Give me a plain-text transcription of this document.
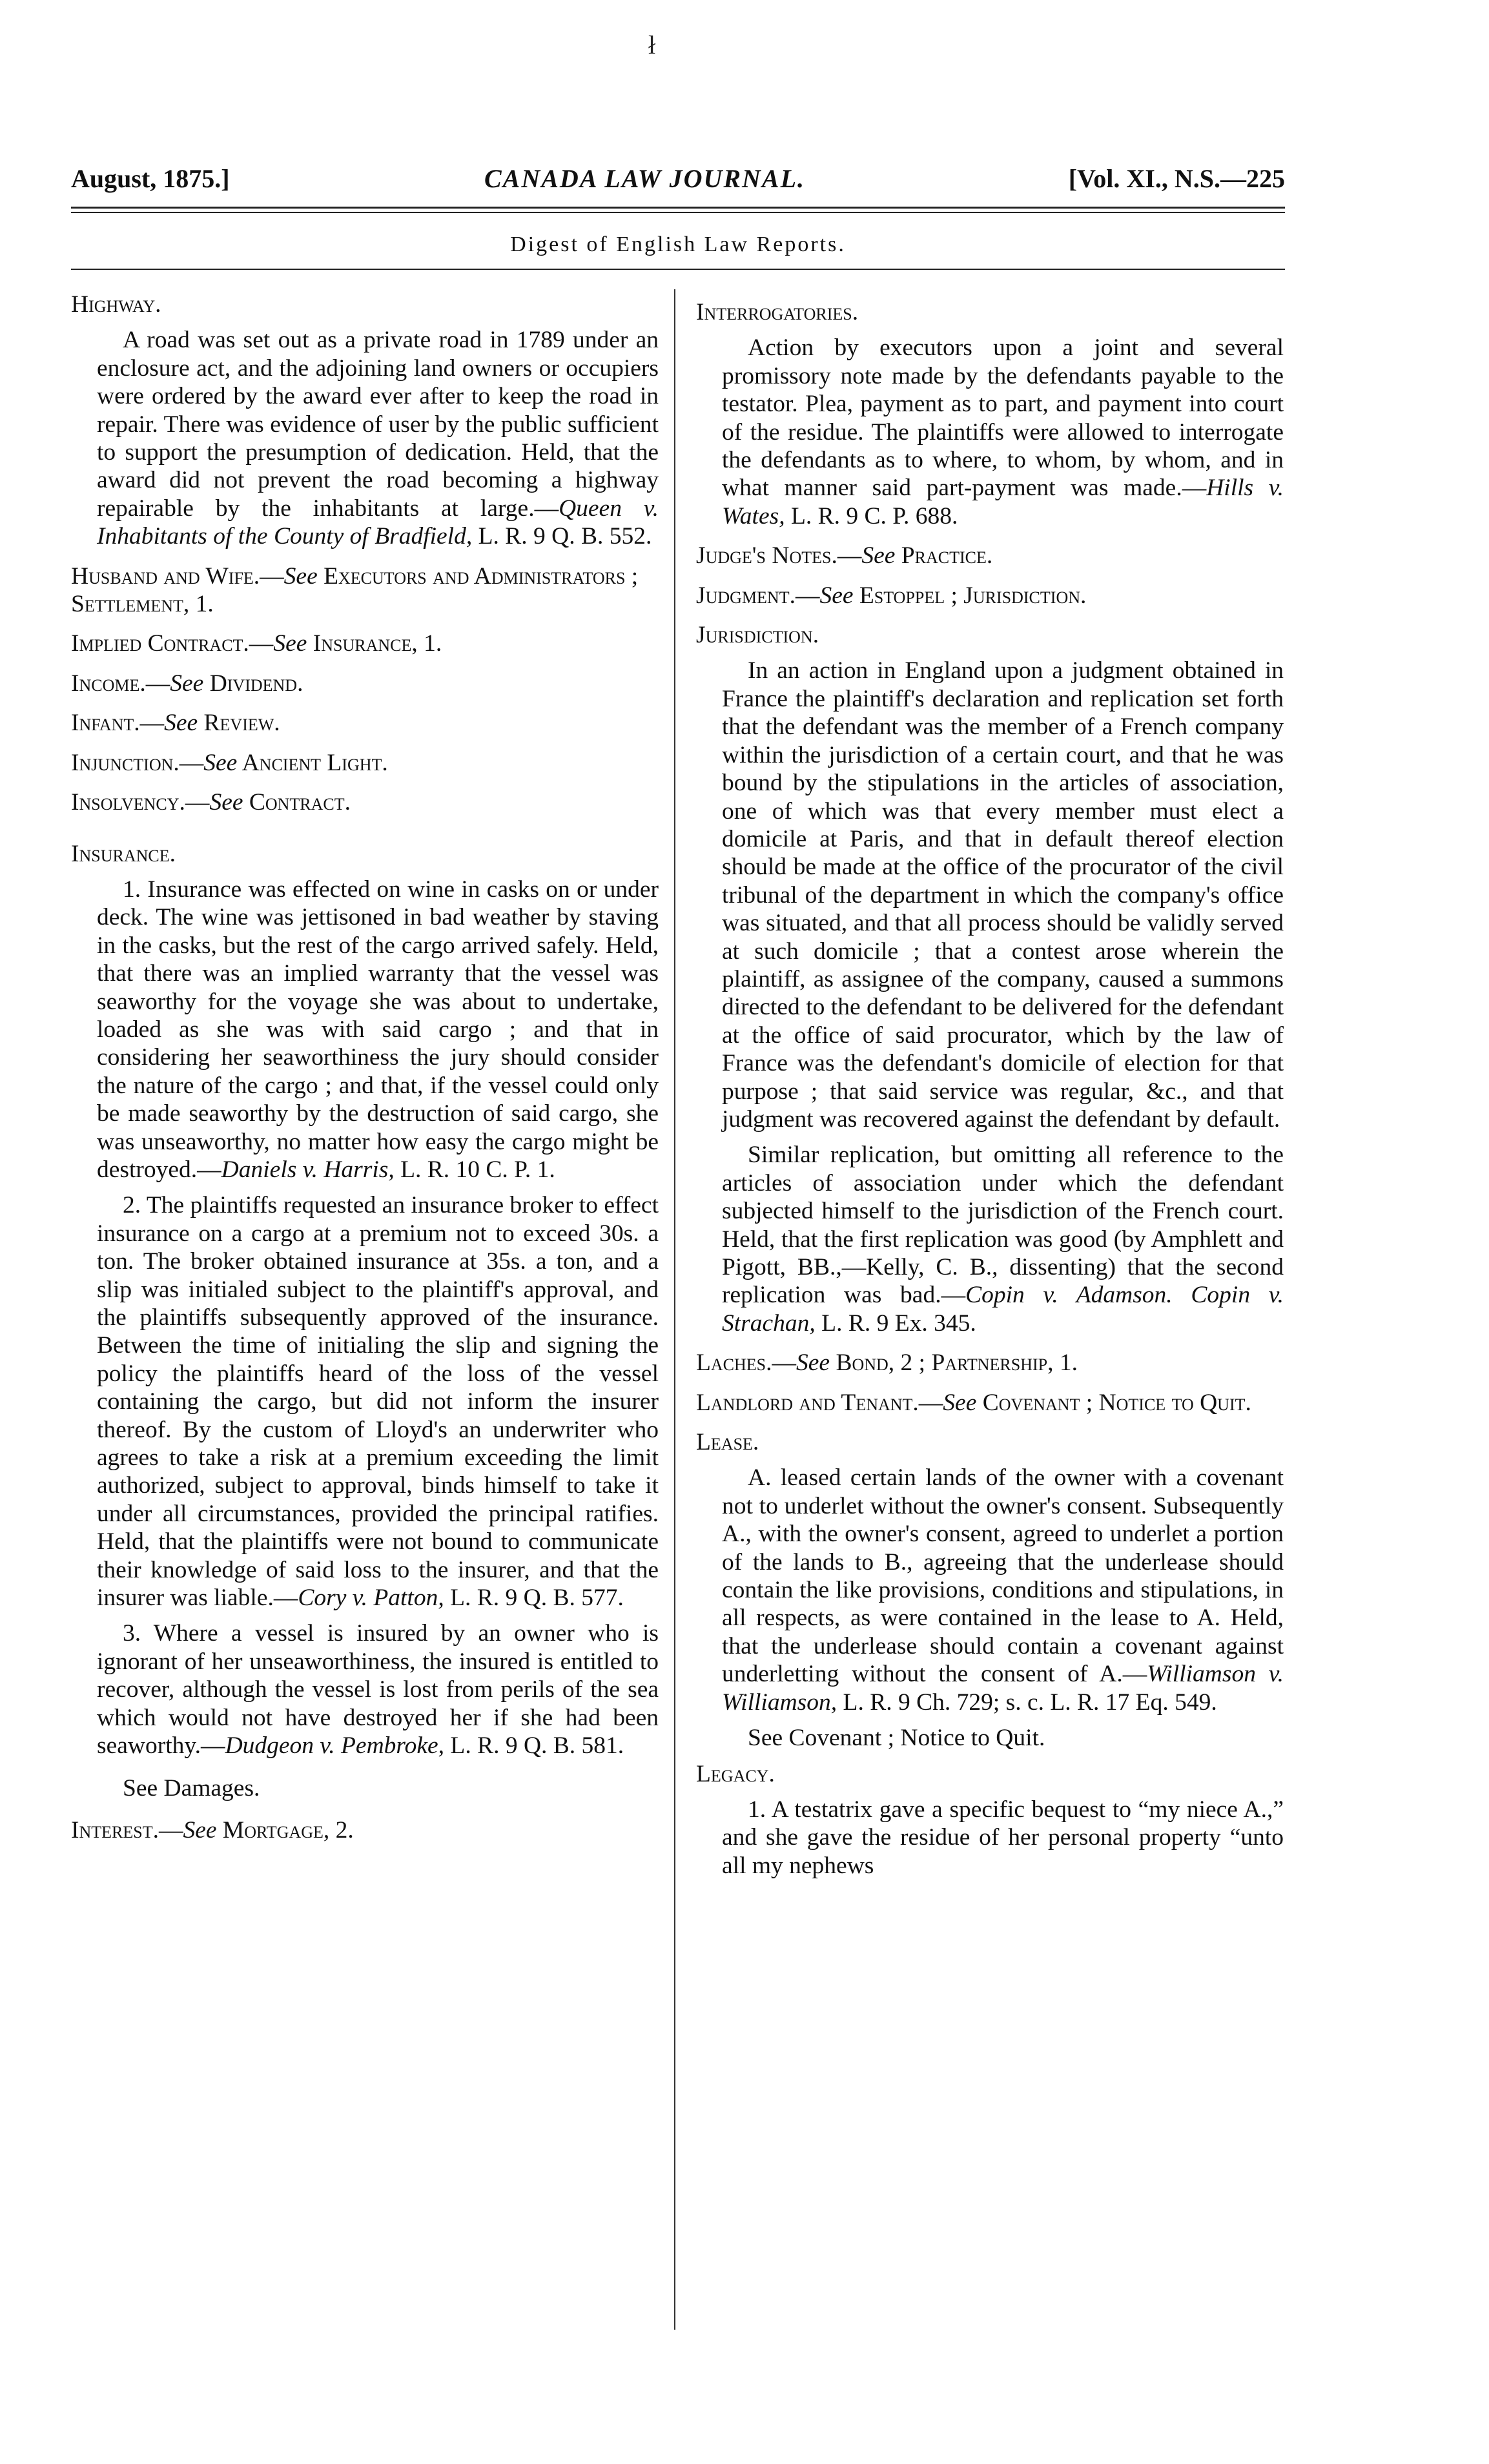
ł
August, 1875.]	CANADA LAW JOURNAL.	[Vol. XI., N.S.—225
Digest of English Law Reports.
Highway.
A road was set out as a private road in 1789 under an enclosure act, and the adjoining land owners or occupiers were ordered by the award ever after to keep the road in repair. There was evidence of user by the public sufficient to support the presumption of dedication. Held, that the award did not prevent the road becoming a highway repairable by the inhabitants at large.—Queen v. Inhabitants of the County of Bradfield, L. R. 9 Q. B. 552.
Husband and Wife.—See Executors and Administrators ; Settlement, 1.
Implied Contract.—See Insurance, 1.
Income.—See Dividend.
Infant.—See Review.
Injunction.—See Ancient Light.
Insolvency.—See Contract.
Insurance.
1. Insurance was effected on wine in casks on or under deck. The wine was jettisoned in bad weather by staving in the casks, but the rest of the cargo arrived safely. Held, that there was an implied warranty that the vessel was seaworthy for the voyage she was about to undertake, loaded as she was with said cargo ; and that in considering her seaworthiness the jury should consider the nature of the cargo ; and that, if the vessel could only be made seaworthy by the destruction of said cargo, she was unseaworthy, no matter how easy the cargo might be destroyed.—Daniels v. Harris, L. R. 10 C. P. 1.
2. The plaintiffs requested an insurance broker to effect insurance on a cargo at a premium not to exceed 30s. a ton. The broker obtained insurance at 35s. a ton, and a slip was initialed subject to the plaintiff's approval, and the plaintiffs subsequently approved of the insurance. Between the time of initialing the slip and signing the policy the plaintiffs heard of the loss of the vessel containing the cargo, but did not inform the insurer thereof. By the custom of Lloyd's an underwriter who agrees to take a risk at a premium exceeding the limit authorized, subject to approval, binds himself to take it under all circumstances, provided the principal ratifies. Held, that the plaintiffs were not bound to communicate their knowledge of said loss to the insurer, and that the insurer was liable.—Cory v. Patton, L. R. 9 Q. B. 577.
3. Where a vessel is insured by an owner who is ignorant of her unseaworthiness, the insured is entitled to recover, although the vessel is lost from perils of the sea which would not have destroyed her if she had been seaworthy.—Dudgeon v. Pembroke, L. R. 9 Q. B. 581.
See Damages.
Interest.—See Mortgage, 2.
Interrogatories.
Action by executors upon a joint and several promissory note made by the defendants payable to the testator. Plea, payment as to part, and payment into court of the residue. The plaintiffs were allowed to interrogate the defendants as to where, to whom, by whom, and in what manner said part-payment was made.—Hills v. Wates, L. R. 9 C. P. 688.
Judge's Notes.—See Practice.
Judgment.—See Estoppel ; Jurisdiction.
Jurisdiction.
In an action in England upon a judgment obtained in France the plaintiff's declaration and replication set forth that the defendant was the member of a French company within the jurisdiction of a certain court, and that he was bound by the stipulations in the articles of association, one of which was that every member must elect a domicile at Paris, and that in default thereof election should be made at the office of the procurator of the civil tribunal of the department in which the company's office was situated, and that all process should be validly served at such domicile ; that a contest arose wherein the plaintiff, as assignee of the company, caused a summons directed to the defendant to be delivered for the defendant at the office of said procurator, which by the law of France was the defendant's domicile of election for that purpose ; that said service was regular, &c., and that judgment was recovered against the defendant by default.
Similar replication, but omitting all reference to the articles of association under which the defendant subjected himself to the jurisdiction of the French court. Held, that the first replication was good (by Amphlett and Pigott, BB.,—Kelly, C. B., dissenting) that the second replication was bad.—Copin v. Adamson. Copin v. Strachan, L. R. 9 Ex. 345.
Laches.—See Bond, 2 ; Partnership, 1.
Landlord and Tenant.—See Covenant ; Notice to Quit.
Lease.
A. leased certain lands of the owner with a covenant not to underlet without the owner's consent. Subsequently A., with the owner's consent, agreed to underlet a portion of the lands to B., agreeing that the underlease should contain the like provisions, conditions and stipulations, in all respects, as were contained in the lease to A. Held, that the underlease should contain a covenant against underletting without the consent of A.—Williamson v. Williamson, L. R. 9 Ch. 729; s. c. L. R. 17 Eq. 549.
See Covenant ; Notice to Quit.
Legacy.
1. A testatrix gave a specific bequest to “my niece A.,” and she gave the residue of her personal property “unto all my nephews
